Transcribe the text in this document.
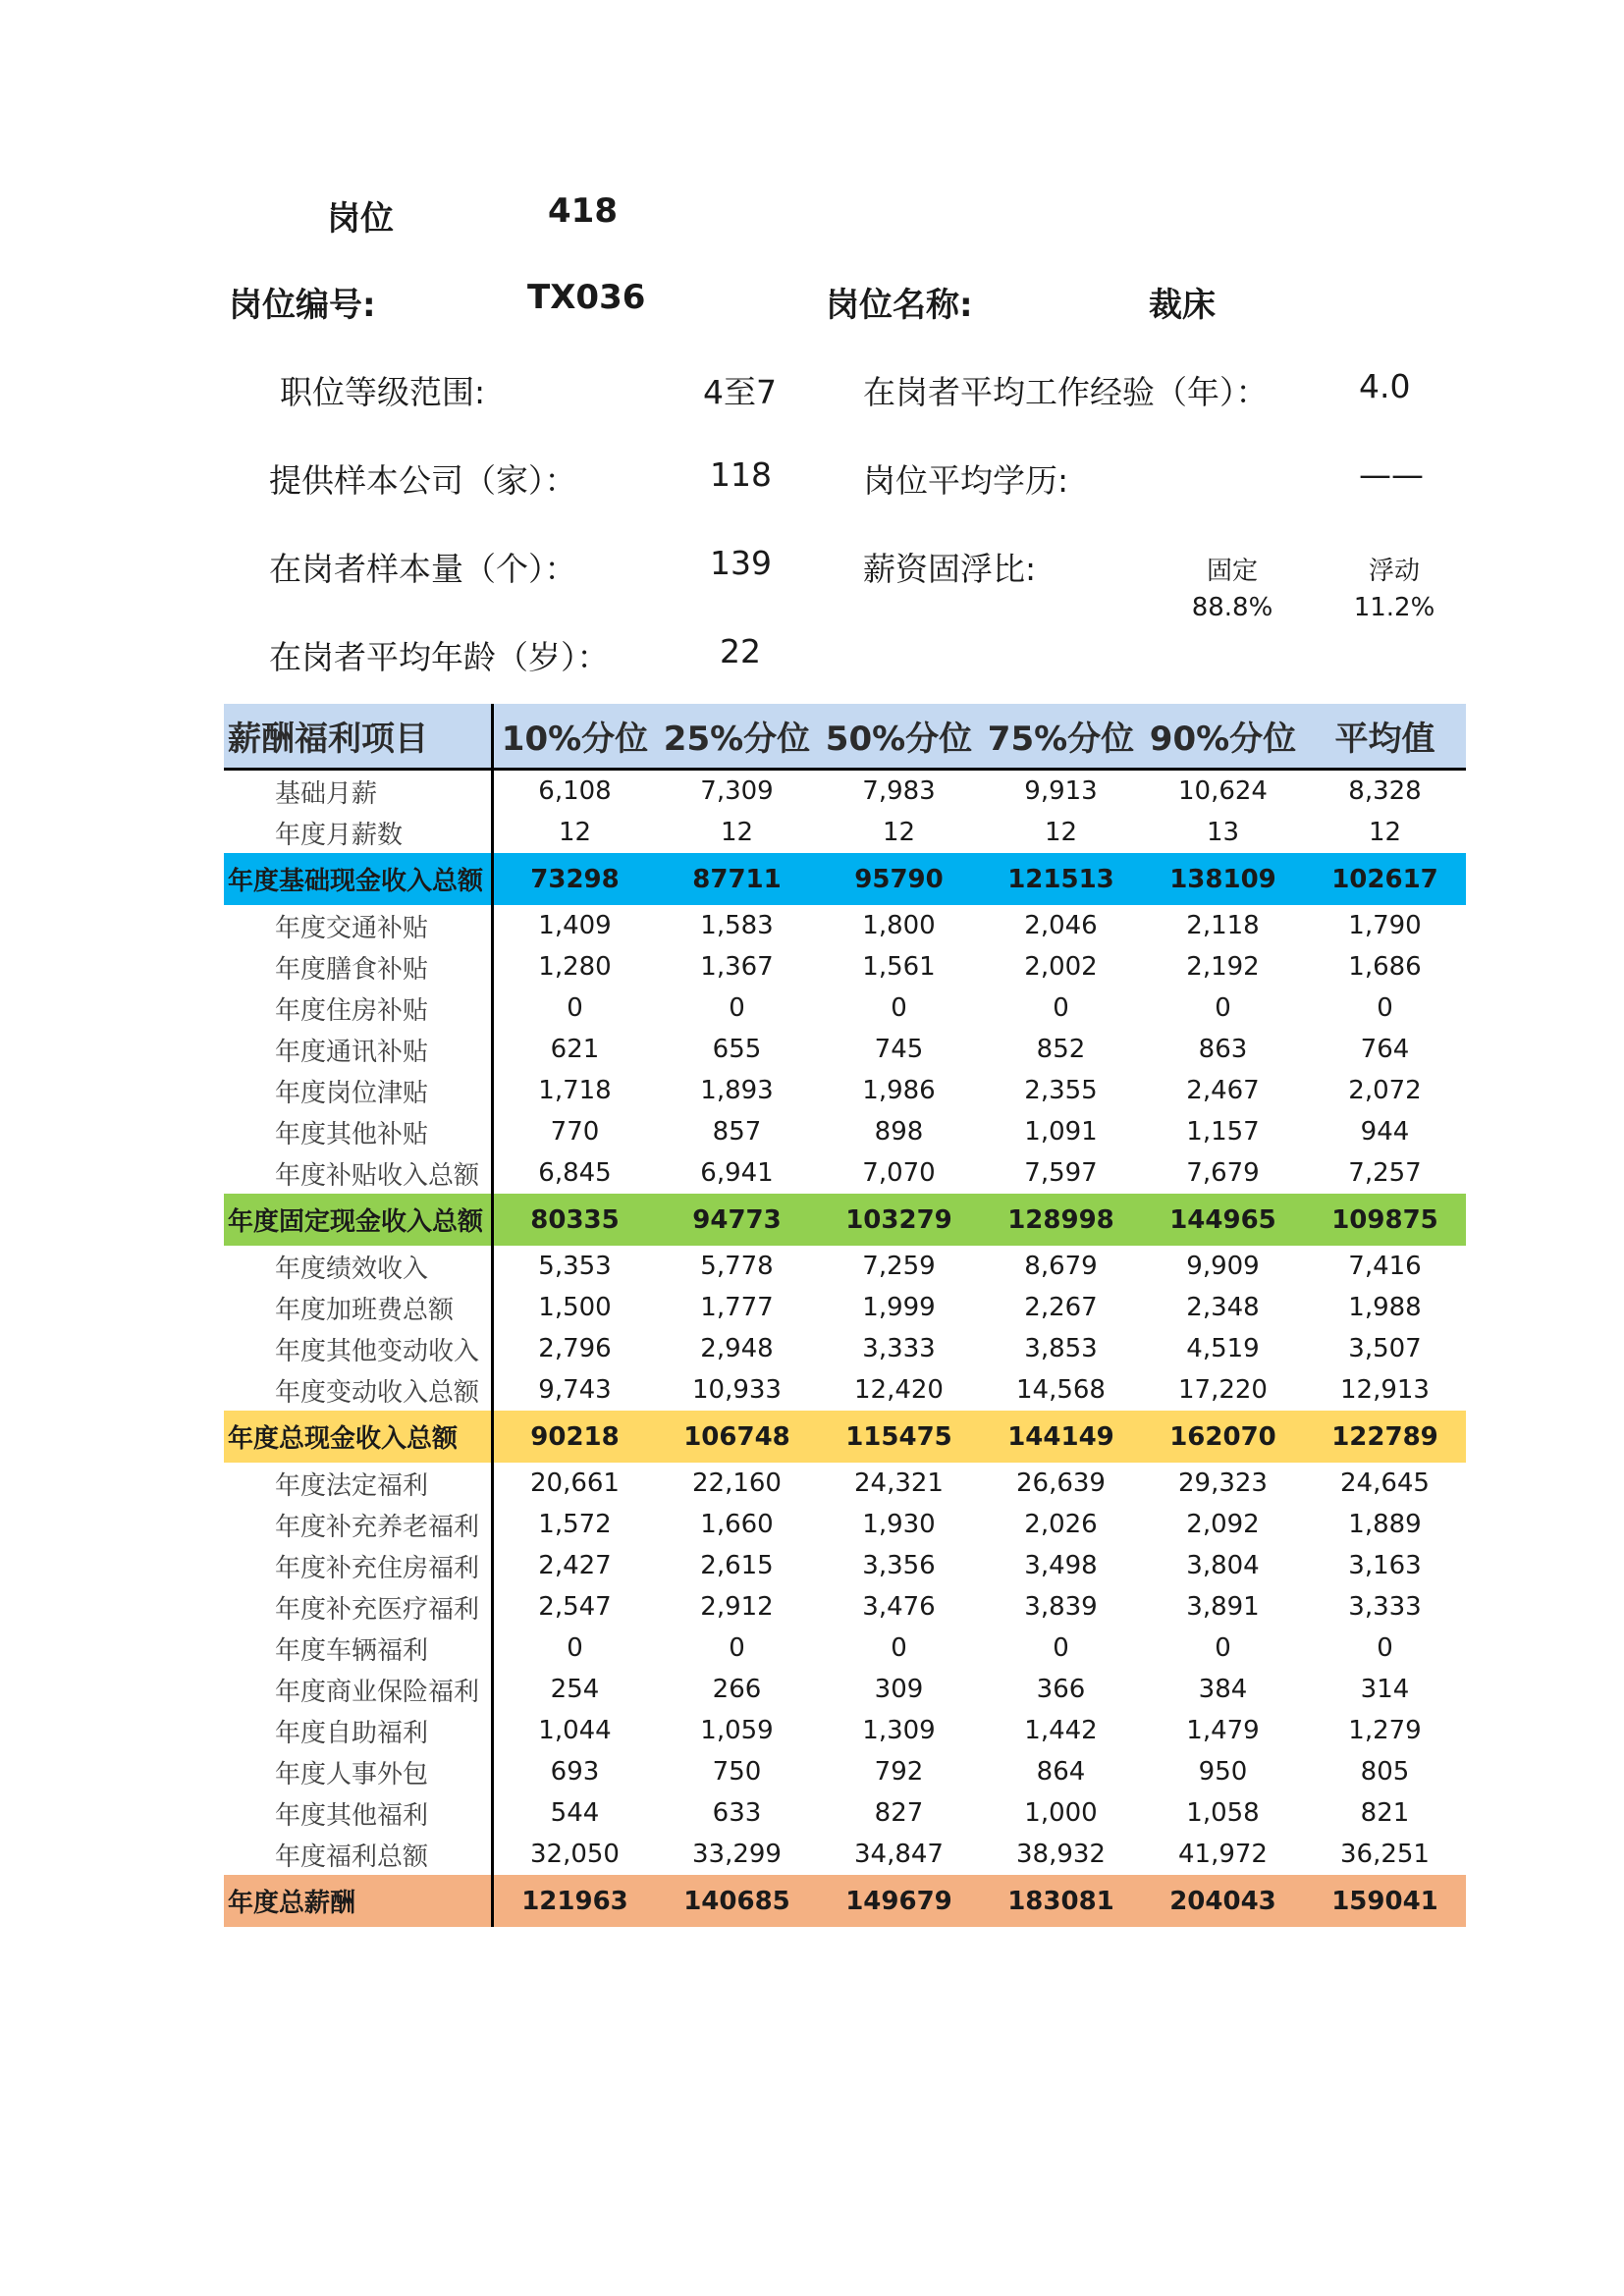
岗位	418
岗位编号:	TX036	岗位名称:	裁床
职位等级范围:	4至7	在岗者平均工作经验（年）：	4.0
提供样本公司（家）：	118	岗位平均学历:	——
在岗者样本量（个）：	139	薪资固浮比:	固定	浮动
88.8%	11.2%
在岗者平均年龄（岁）：	22
薪酬福利项目	10%分位 25%分位 50%分位 75%分位 90%分位	平均值
基础月薪	6,108	7,309	7,983	9,913	10,624	8,328
年度月薪数	12	12	12	12	13	12
年度基础现金收入总额	73298	87711	95790	121513	138109	102617
年度交通补贴	1,409	1,583	1,800	2,046	2,118	1,790
年度膳食补贴	1,280	1,367	1,561	2,002	2,192	1,686
年度住房补贴	0	0	0	0	0	0
年度通讯补贴	621	655	745	852	863	764
年度岗位津贴	1,718	1,893	1,986	2,355	2,467	2,072
年度其他补贴	770	857	898	1,091	1,157	944
年度补贴收入总额	6,845	6,941	7,070	7,597	7,679	7,257
年度固定现金收入总额	80335	94773	103279	128998	144965	109875
年度绩效收入	5,353	5,778	7,259	8,679	9,909	7,416
年度加班费总额	1,500	1,777	1,999	2,267	2,348	1,988
年度其他变动收入	2,796	2,948	3,333	3,853	4,519	3,507
年度变动收入总额	9,743	10,933	12,420	14,568	17,220	12,913
年度总现金收入总额	90218	106748	115475	144149	162070	122789
年度法定福利	20,661	22,160	24,321	26,639	29,323	24,645
年度补充养老福利	1,572	1,660	1,930	2,026	2,092	1,889
年度补充住房福利	2,427	2,615	3,356	3,498	3,804	3,163
年度补充医疗福利	2,547	2,912	3,476	3,839	3,891	3,333
年度车辆福利	0	0	0	0	0	0
年度商业保险福利	254	266	309	366	384	314
年度自助福利	1,044	1,059	1,309	1,442	1,479	1,279
年度人事外包	693	750	792	864	950	805
年度其他福利	544	633	827	1,000	1,058	821
年度福利总额	32,050	33,299	34,847	38,932	41,972	36,251
年度总薪酬	121963	140685	149679	183081	204043	159041
